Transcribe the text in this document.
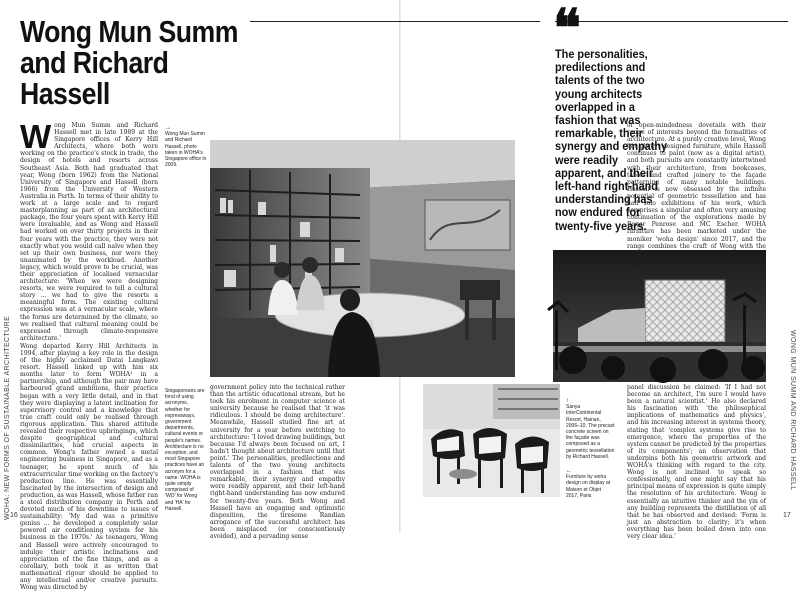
WOHA: NEW FORMS OF SUSTAINABLE ARCHITECTURE	WONG MUN SUMM AND RICHARD HASSELL
16	17
Wong Mun Summ and Richard Hassell
❝
The personalities, predilections and talents of the two young architects overlapped in a fashion that was remarkable, their synergy and empathy were readily apparent, and their left-hand right-hand understanding has now endured for twenty-five years.
W ong Mun Summ and Richard Hassell met in late 1989 at the Singapore offices of Kerry Hill Architects, where both were working on the practice's stock in trade, the design of hotels and resorts across Southeast Asia. Both had graduated that year, Wong (born 1962) from the National University of Singapore and Hassell (born 1966) from the University of Western Australia in Perth. In terms of their ability to work at a large scale and to regard masterplanning as part of an architectural package, the four years spent with Kerry Hill were invaluable, and as Wong and Hassell had worked on over thirty projects in their four years with the practice, they were not exactly what you would call naïve when they set up their own business, nor were they unanimated by the workload. Another legacy, which would prove to be crucial, was their appreciation of localised vernacular architecture: 'When we were designing resorts, we were required to tell a cultural story ... we had to give the resorts a meaningful form. The existing cultural expression was at a vernacular scale, where the forms are determined by the climate, so we realised that cultural meaning could be expressed through climate-responsive architecture.'

Wong departed Kerry Hill Architects in 1994, after playing a key role in the design of the highly acclaimed Datai Langkawi resort. Hassell linked up with him six months later to form WOHA¹ in a partnership, and although the pair may have harboured grand ambitions, their practice began with a very little detail, and in that they were displaying a latent inclination for supervisory control and a knowledge that true craft could only be realised through rigorous application. This shared attitude revealed their respective upbringings, which despite geographical and cultural dissimilarities, had crucial aspects in common. Wong's father owned a metal engineering business in Singapore, and as a teenager, he spent much of his extracurricular time working on the factory's production line. He was essentially fascinated by the intersection of design and production, as was Hassell, whose father ran a steel distribution company in Perth and devoted much of his downtime to issues of sustainability: 'My dad was a primitive genius ... he developed a completely solar powered air conditioning system for his business in the 1970s.' As teenagers, Wong and Hassell were actively encouraged to indulge their artistic inclinations and appreciation of the fine things, and as a corollary, both took it as written that mathematical rigour should be applied to any intellectual and/or creative pursuits. Wong was directed by

→
Wong Mun Summ and Richard Hassell, photo taken in WOHA's Singapore office in 2009.
Singaporeans are fond of using acronyms, whether for expressways, government departments, cultural events or people's names. Architecture is no exception, and most Singapore practices have an acronym for a name. WOHA is quite simply comprised of 'WO' for Wong and 'HA' for Hassell.

government policy into the technical rather than the artistic educational stream, but he took his enrolment in computer science at university because he realised that 'it was ridiculous. I should be doing architecture'. Meanwhile, Hassell studied fine art at university for a year before switching to architecture: 'I loved drawing buildings, but because I'd always been focused on art, I hadn't thought about architecture until that point.' The personalities, predilections and talents of the two young architects overlapped in a fashion that was remarkable, their synergy and empathy were readily apparent, and their left-hand right-hand understanding has now endured for twenty-five years. Both Wong and Hassell have an engaging and optimistic disposition, the tiresome Randian arrogance of the successful architect has been misplaced (or conscientiously avoided), and a pervading sense

of open-mindedness dovetails with their range of interests beyond the formalities of architecture. At a purely creative level, Wong has always designed furniture, while Hassell continues to paint (now as a digital artist), and both pursuits are constantly intertwined with their architecture, from bookcases, tables and crafted joinery to the façade patterning of many notable buildings. Hassell is now obsessed by the infinite potential of geometric tessellation and has had solo exhibitions of his work, which comprises a singular and often very amusing continuation of the explorations made by Roger Penrose and MC Escher. WOHA furniture has been marketed under the moniker 'woha design' since 2017, and the range combines the craft of Wong with the

↑
Sanya InterContinental Resort, Hainan, 2006–10. The precast concrete screen on the façade was composed as a geometric tessellation by Richard Hassell.
←
Furniture by woha design on display at Maison et Objet 2017, Paris.

panel discussion he claimed: 'If I had not become an architect, I'm sure I would have been a natural scientist.' He also declared his fascination with 'the philosophical implications of mathematics and physics', and his increasing interest in systems theory, stating that 'complex systems give rise to emergence, where the properties of the system cannot be predicted by the properties of its components'; an observation that underpins both his geometric artwork and WOHA's thinking with regard to the city. Wong is not inclined to speak so confessionally, and one might say that his principal means of expression is quite simply the resolution of his architecture. Wong is essentially an intuitive thinker and the yin of any building represents the distillation of all that he has observed and devised: 'Form is just an abstraction to clarity; it's when everything has been boiled down into one very clear idea.'
